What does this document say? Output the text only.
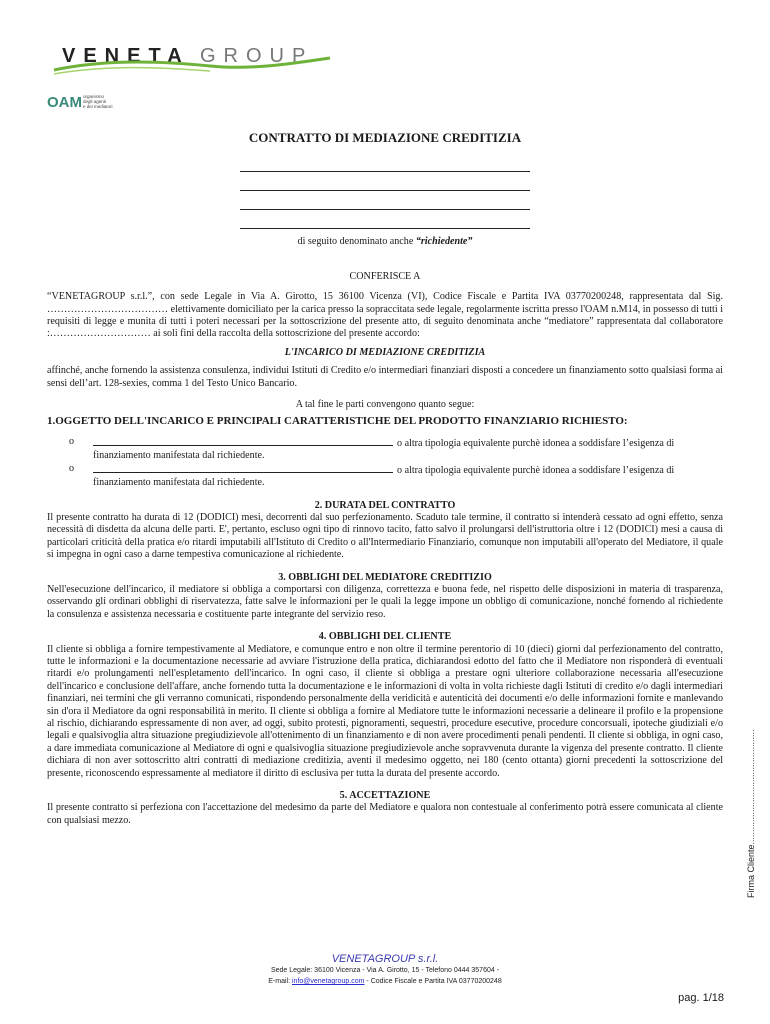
VENETA GROUP
OAM organismo
degli agenti
e dei mediatori
CONTRATTO DI MEDIAZIONE CREDITIZIA
di seguito denominato anche “richiedente”
CONFERISCE A

“VENETAGROUP s.r.l.”, con sede Legale in Via A. Girotto, 15 36100 Vicenza (VI), Codice Fiscale e Partita IVA 03770200248, rappresentata dal Sig. ……………………………… elettivamente domiciliato per la carica presso la sopraccitata sede legale, regolarmente iscritta presso l'OAM n.M14, in possesso di tutti i requisiti di legge e munita di tutti i poteri necessari per la sottoscrizione del presente atto, di seguito denominata anche “mediatore” rappresentata dal collaboratore :………………………… ai soli fini della raccolta della sottoscrizione del presente accordo:

L'INCARICO DI MEDIAZIONE CREDITIZIA

affinché, anche fornendo la assistenza consulenza, individui Istituti di Credito e/o intermediari finanziari disposti a concedere un finanziamento sotto qualsiasi forma ai sensi dell’art. 128-sexies, comma 1 del Testo Unico Bancario.

A tal fine le parti convengono quanto segue:
1.OGGETTO DELL'INCARICO E PRINCIPALI CARATTERISTICHE DEL PRODOTTO FINANZIARIO RICHIESTO:
o	o altra tipologia equivalente purchè idonea a soddisfare l’esigenza di finanziamento manifestata dal richiedente.
o	o altra tipologia equivalente purchè idonea a soddisfare l’esigenza di finanziamento manifestata dal richiedente.
2. DURATA DEL CONTRATTO

Il presente contratto ha durata di 12 (DODICI) mesi, decorrenti dal suo perfezionamento. Scaduto tale termine, il contratto si intenderà cessato ad ogni effetto, senza necessità di disdetta da alcuna delle parti. E', pertanto, escluso ogni tipo di rinnovo tacito, fatto salvo il prolungarsi dell'istruttoria oltre i 12 (DODICI) mesi a causa di particolari criticità della pratica e/o ritardi imputabili all'Istituto di Credito o all'Intermediario Finanziario, comunque non imputabili all'operato del Mediatore, il quale si impegna in ogni caso a darne tempestiva comunicazione al richiedente.

3. OBBLIGHI DEL MEDIATORE CREDITIZIO

Nell'esecuzione dell'incarico, il mediatore si obbliga a comportarsi con diligenza, correttezza e buona fede, nel rispetto delle disposizioni in materia di trasparenza, osservando gli ordinari obblighi di riservatezza, fatte salve le informazioni per le quali la legge impone un obbligo di comunicazione, nonché fornendo al richiedente la consulenza e assistenza necessaria e costituente parte integrante del servizio reso.

4. OBBLIGHI DEL CLIENTE

Il cliente si obbliga a fornire tempestivamente al Mediatore, e comunque entro e non oltre il termine perentorio di 10 (dieci) giorni dal perfezionamento del contratto, tutte le informazioni e la documentazione necessarie ad avviare l'istruzione della pratica, dichiarandosi edotto del fatto che il Mediatore non risponderà di eventuali ritardi e/o prolungamenti nell'espletamento dell'incarico. In ogni caso, il cliente si obbliga a prestare ogni ulteriore collaborazione necessaria all'esecuzione dell'incarico e conclusione dell'affare, anche fornendo tutta la documentazione e le informazioni di volta in volta richieste dagli Istituti di credito e/o dagli intermediari finanziari, nei termini che gli verranno comunicati, rispondendo personalmente della veridicità e autenticità dei documenti e/o delle informazioni fornite e manlevando sin d'ora il Mediatore da ogni responsabilità in merito. Il cliente si obbliga a fornire al Mediatore tutte le informazioni necessarie a delineare il profilo e la propensione al rischio, dichiarando espressamente di non aver, ad oggi, subito protesti, pignoramenti, sequestri, procedure esecutive, procedure concorsuali, ipoteche giudiziali e/o legali e qualsivoglia altra situazione pregiudizievole all'ottenimento di un finanziamento e di non avere procedimenti penali pendenti. Il cliente si obbliga, in ogni caso, a dare immediata comunicazione al Mediatore di ogni e qualsivoglia situazione pregiudizievole anche sopravvenuta durante la vigenza del presente contratto. Il cliente dichiara di non aver sottoscritto altri contratti di mediazione creditizia, aventi il medesimo oggetto, nei 180 (cento ottanta) giorni precedenti la sottoscrizione del presente, riconoscendo espressamente al mediatore il diritto di esclusiva per tutta la durata del presente accordo.

5. ACCETTAZIONE

Il presente contratto si perfeziona con l'accettazione del medesimo da parte del Mediatore e qualora non contestuale al conferimento potrà essere comunicata al cliente con qualsiasi mezzo.	Firma Cliente..............................................
VENETAGROUP s.r.l.
Sede Legale: 36100 Vicenza - Via A. Girotto, 15 - Telefono 0444 357604 -
E-mail: info@venetagroup.com - Codice Fiscale e Partita IVA 03770200248
pag. 1/18
